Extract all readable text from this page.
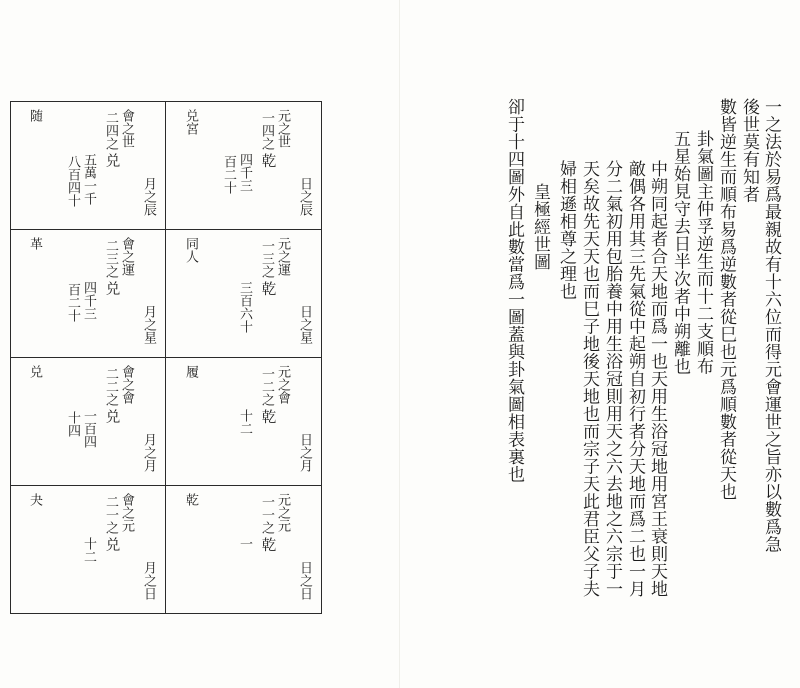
元之世
一四之
乾
四千三
百二十
兑宮
日之辰
會之世
二四之
兑
五萬一千
八百四十
随
月之辰
元之運
一三之
乾
三百六十
同人
日之星
會之運
二三之
兑
四千三
百二十
革
月之星
元之會
一二之
乾
十二
履
日之月
會之會
二二之
兑
一百四
十四
兑
月之月
元之元
一一之
乾
一
乾
日之日
會之元
二一之
兑
十二
夬
月之日
一之法於易爲最親故有十六位而得元會運世之旨亦以數爲急
後世莫有知者
數皆逆生而順布易爲逆數者從巳也元爲順數者從天也
卦氣圖主仲孚逆生而十二支順布
五星始見守去日半次者中朔離也
中朔同起者合天地而爲一也天用生浴冠地用宮王衰則天地
敵偶各用其三先氣從中起朔自初行者分天地而爲二也一月
分二氣初用包胎養中用生浴冠則用天之六去地之六宗于一
天矣故先天天也而巳子地後天地也而宗子天此君臣父子夫
婦相遜相尊之理也
皇極經世圖
卻于十四圖外自此數當爲一圖蓋與卦氣圖相表裏也
